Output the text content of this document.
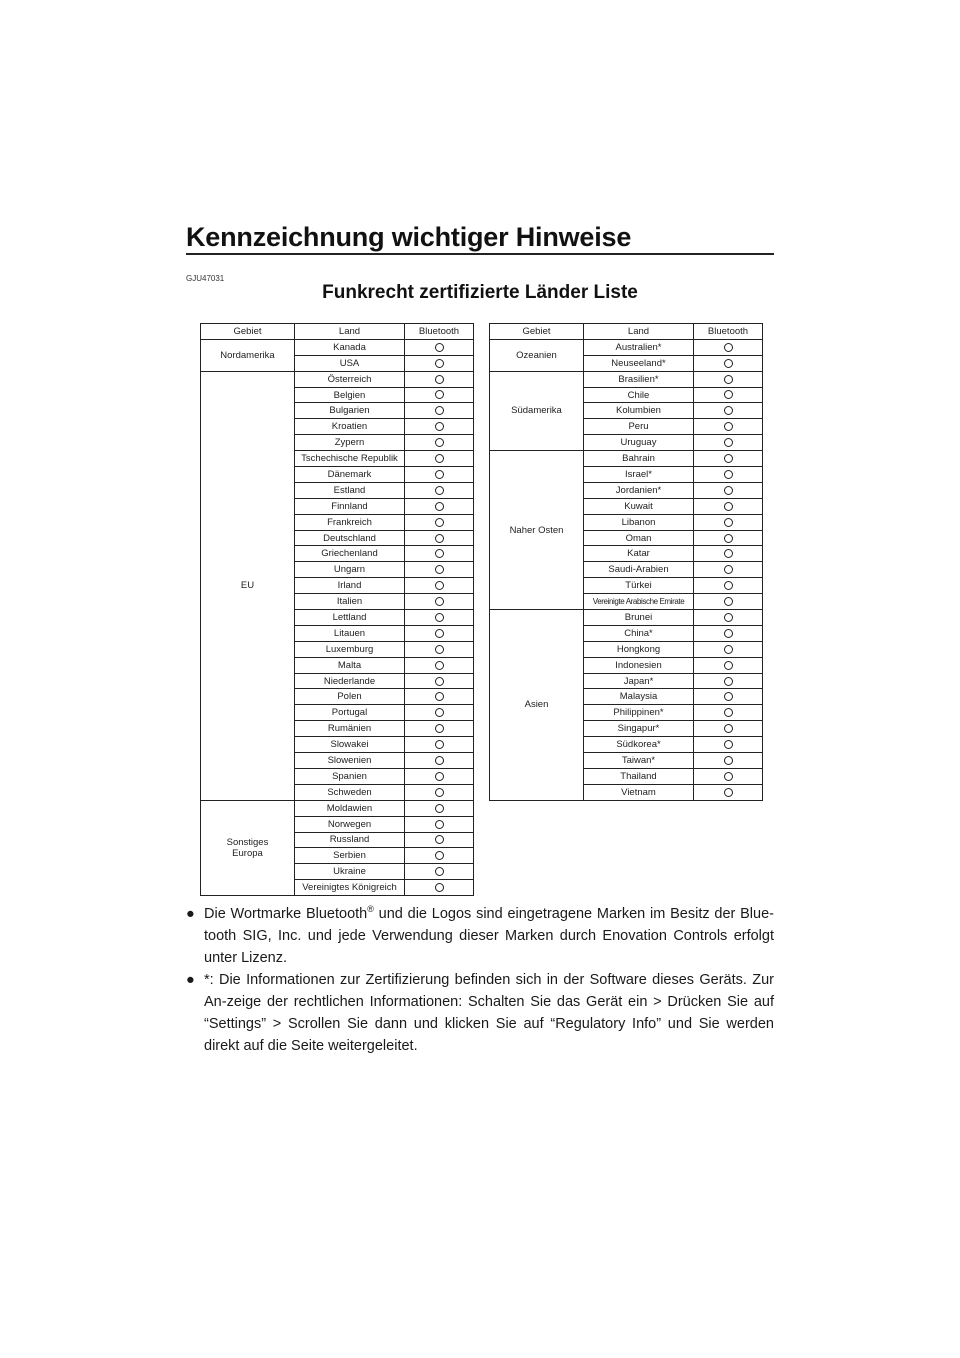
Kennzeichnung wichtiger Hinweise
GJU47031
Funkrecht zertifizierte Länder Liste
Gebiet	Land	Bluetooth
Nordamerika	Kanada	
	USA	
EU	Österreich	
	Belgien	
	Bulgarien	
	Kroatien	
	Zypern	
	Tschechische Republik	
	Dänemark	
	Estland	
	Finnland	
	Frankreich	
	Deutschland	
	Griechenland	
	Ungarn	
	Irland	
	Italien	
	Lettland	
	Litauen	
	Luxemburg	
	Malta	
	Niederlande	
	Polen	
	Portugal	
	Rumänien	
	Slowakei	
	Slowenien	
	Spanien	
	Schweden	
Sonstiges Europa	Moldawien	
	Norwegen	
	Russland	
	Serbien	
	Ukraine	
	Vereinigtes Königreich	
Gebiet	Land	Bluetooth
Ozeanien	Australien*	
	Neuseeland*	
Südamerika	Brasilien*	
	Chile	
	Kolumbien	
	Peru	
	Uruguay	
Naher Osten	Bahrain	
	Israel*	
	Jordanien*	
	Kuwait	
	Libanon	
	Oman	
	Katar	
	Saudi-Arabien	
	Türkei	
	Vereinigte Arabische Emirate	
Asien	Brunei	
	China*	
	Hongkong	
	Indonesien	
	Japan*	
	Malaysia	
	Philippinen*	
	Singapur*	
	Südkorea*	
	Taiwan*	
	Thailand	
	Vietnam	

● Die Wortmarke Bluetooth® und die Logos sind eingetragene Marken im Besitz der Blue-tooth SIG, Inc. und jede Verwendung dieser Marken durch Enovation Controls erfolgt unter Lizenz.

● *: Die Informationen zur Zertifizierung befinden sich in der Software dieses Geräts. Zur An-zeige der rechtlichen Informationen: Schalten Sie das Gerät ein > Drücken Sie auf “Settings” > Scrollen Sie dann und klicken Sie auf “Regulatory Info” und Sie werden direkt auf die Seite weitergeleitet.
